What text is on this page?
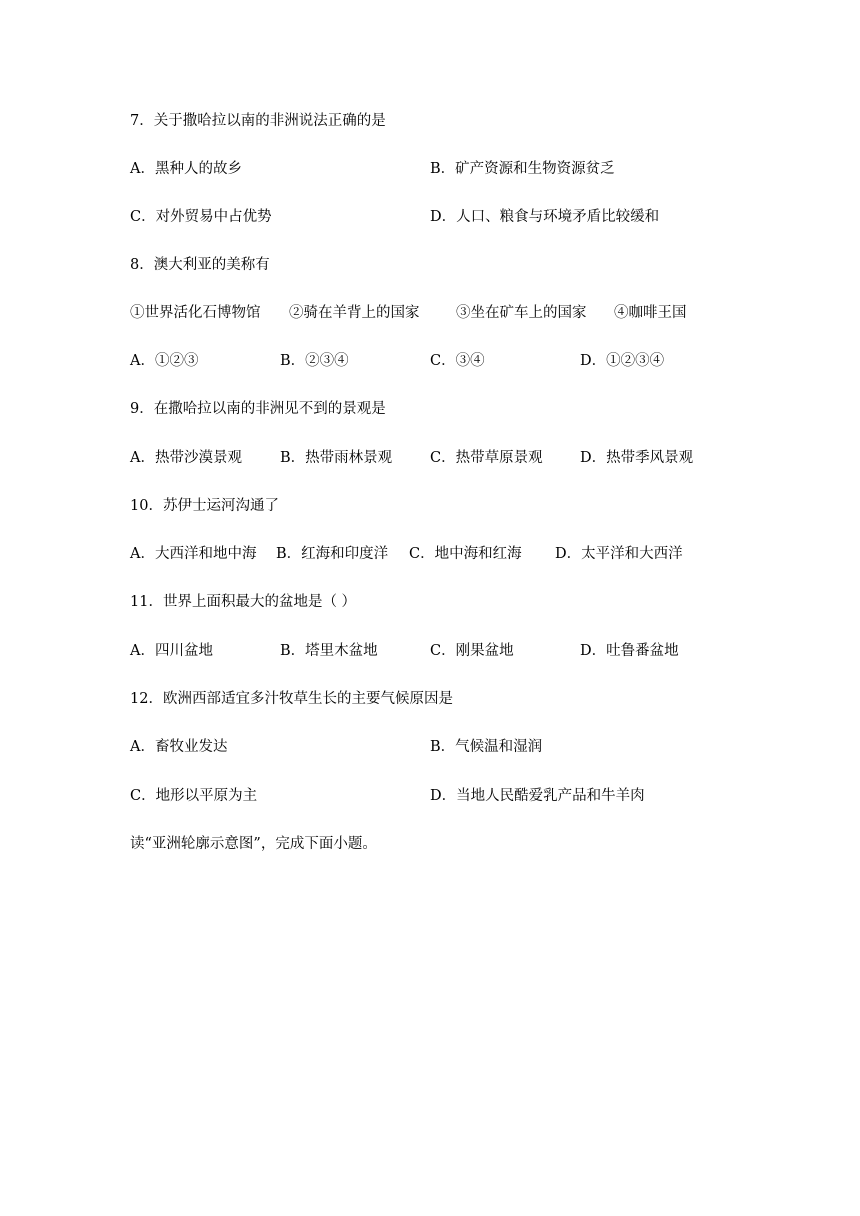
7．关于撒哈拉以南的非洲说法正确的是
A．黑种人的故乡	B．矿产资源和生物资源贫乏
C．对外贸易中占优势	D．人口、粮食与环境矛盾比较缓和
8．澳大利亚的美称有
①世界活化石博物馆 ②骑在羊背上的国家	③坐在矿车上的国家 ④咖啡王国
A．①②③	B．②③④	C．③④	D．①②③④
9．在撒哈拉以南的非洲见不到的景观是
A．热带沙漠景观	B．热带雨林景观	C．热带草原景观	D．热带季风景观
10．苏伊士运河沟通了
A．大西洋和地中海 B．红海和印度洋 C．地中海和红海 D．太平洋和大西洋
11．世界上面积最大的盆地是（ ）
A．四川盆地	B．塔里木盆地	C．刚果盆地	D．吐鲁番盆地
12．欧洲西部适宜多汁牧草生长的主要气候原因是
A．畜牧业发达	B．气候温和湿润
C．地形以平原为主	D．当地人民酷爱乳产品和牛羊肉
读“亚洲轮廓示意图”，完成下面小题。
